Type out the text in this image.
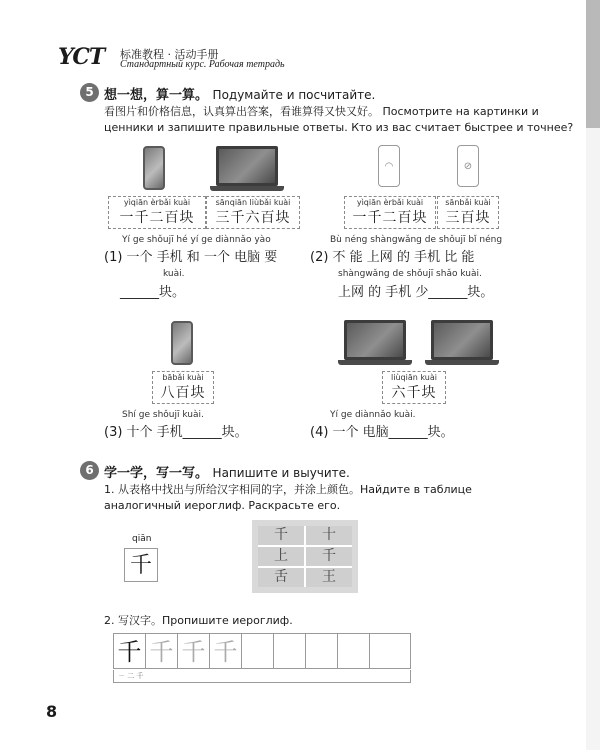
YCT 标准教程 · 活动手册
Стандартный курс. Рабочая тетрадь
5 想一想，算一算。 Подумайте и посчитайте.
看图片和价格信息，认真算出答案，看谁算得又快又好。 Посмотрите на картинки и ценники и запишите правильные ответы. Кто из вас считает быстрее и точнее?
yìqiān èrbǎi kuài
一千二百块
sānqiān liùbǎi kuài
三千六百块
Yí ge shǒujī hé yí ge diànnǎo yào
(1) 一个 手机 和 一个 电脑 要
kuài.
______块。
◠	⊘
yìqiān èrbǎi kuài
一千二百块
sānbǎi kuài
三百块
Bù néng shàngwǎng de shǒujī bǐ néng
(2) 不 能 上网 的 手机 比 能
shàngwǎng de shǒujī shǎo kuài.
上网 的 手机 少______块。
bābǎi kuài
八百块
Shí ge shǒujī kuài.
(3) 十个 手机______块。
liùqiān kuài
六千块
Yí ge diànnǎo kuài.
(4) 一个 电脑______块。
6 学一学，写一写。 Напишите и выучите.
1. 从表格中找出与所给汉字相同的字，并涂上颜色。Найдите в таблице аналогичный иероглиф. Раскрасьте его.
qiān
千
千	十
上	千
舌	王
2. 写汉字。Пропишите иероглиф.
千 千 千 千
ㄧ 二 千
8
